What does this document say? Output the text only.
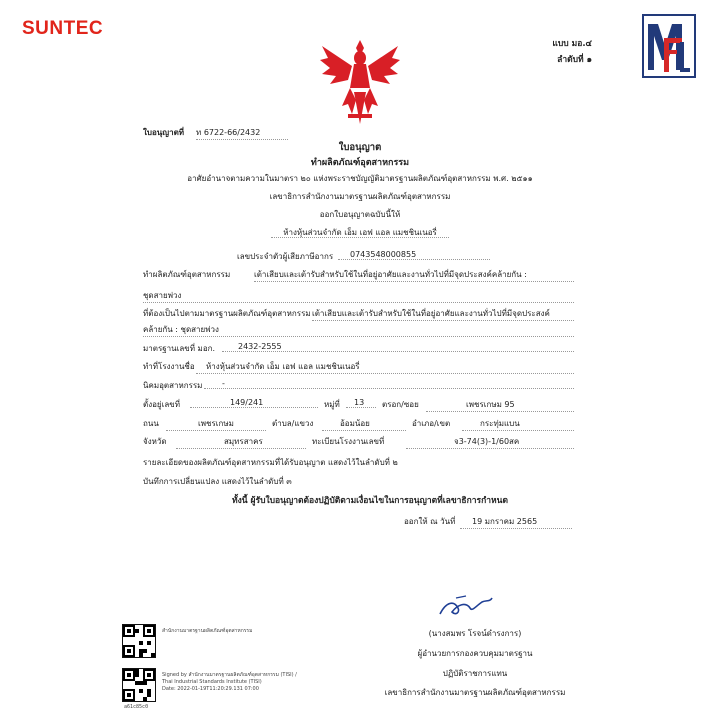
SUNTEC
แบบ มอ.๔
ลำดับที่ ๑
ใบอนุญาตที่ ท 6722-66/2432
ใบอนุญาต
ทำผลิตภัณฑ์อุตสาหกรรม
อาศัยอำนาจตามความในมาตรา ๒๐ แห่งพระราชบัญญัติมาตรฐานผลิตภัณฑ์อุตสาหกรรม พ.ศ. ๒๕๑๑
เลขาธิการสำนักงานมาตรฐานผลิตภัณฑ์อุตสาหกรรม
ออกใบอนุญาตฉบับนี้ให้
ห้างหุ้นส่วนจำกัด เอ็ม เอฟ แอล แมชชินเนอรี่
เลขประจำตัวผู้เสียภาษีอากร	0743548000855
ทำผลิตภัณฑ์อุตสาหกรรม	เต้าเสียบและเต้ารับสำหรับใช้ในที่อยู่อาศัยและงานทั่วไปที่มีจุดประสงค์คล้ายกัน :
ชุดสายพ่วง
ที่ต้องเป็นไปตามมาตรฐานผลิตภัณฑ์อุตสาหกรรม เต้าเสียบและเต้ารับสำหรับใช้ในที่อยู่อาศัยและงานทั่วไปที่มีจุดประสงค์
คล้ายกัน : ชุดสายพ่วง
มาตรฐานเลขที่ มอก.	2432-2555
ทำที่โรงงานชื่อ	ห้างหุ้นส่วนจำกัด เอ็ม เอฟ แอล แมชชินเนอรี่
นิคมอุตสาหกรรม	-
ตั้งอยู่เลขที่	149/241	หมู่ที่	13	ตรอก/ซอย	เพชรเกษม 95
ถนน	เพชรเกษม	ตำบล/แขวง	อ้อมน้อย	อำเภอ/เขต	กระทุ่มแบน
จังหวัด	สมุทรสาคร	ทะเบียนโรงงานเลขที่	จ3-74(3)-1/60สค
รายละเอียดของผลิตภัณฑ์อุตสาหกรรมที่ได้รับอนุญาต แสดงไว้ในลำดับที่ ๒
บันทึกการเปลี่ยนแปลง แสดงไว้ในลำดับที่ ๓
ทั้งนี้ ผู้รับใบอนุญาตต้องปฏิบัติตามเงื่อนไขในการอนุญาตที่เลขาธิการกำหนด
ออกให้ ณ วันที่	19 มกราคม 2565
(นางสมพร โรจน์ดำรงการ)
ผู้อำนวยการกองควบคุมมาตรฐาน
ปฏิบัติราชการแทน
เลขาธิการสำนักงานมาตรฐานผลิตภัณฑ์อุตสาหกรรม
สำนักงานมาตรฐานผลิตภัณฑ์อุตสาหกรรม
Signed by สำนักงานมาตรฐานผลิตภัณฑ์อุตสาหกรรม (TISI) /
Thai Industrial Standards Institute (TISI)
Date: 2022-01-19T11:20:29.131 07:00
a61c85c0
